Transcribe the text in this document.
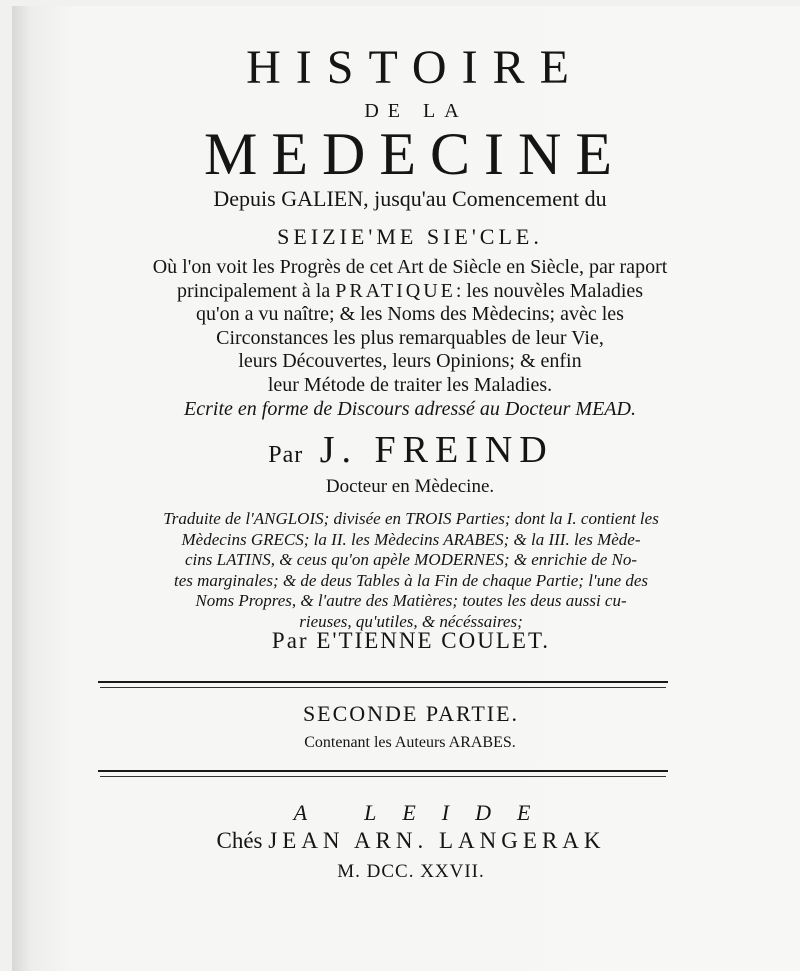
HISTOIRE

DE LA

MEDECINE

Depuis GALIEN, jusqu'au Comencement du

SEIZIE'ME SIE'CLE.

Où l'on voit les Progrès de cet Art de Siècle en Siècle, par raport
principalement à la PRATIQUE: les nouvèles Maladies
qu'on a vu naître; & les Noms des Mèdecins; avèc les
Circonstances les plus remarquables de leur Vie,
leurs Découvertes, leurs Opinions; & enfin
leur Métode de traiter les Maladies.

Ecrite en forme de Discours adressé au Docteur MEAD.

Par J. FREIND

Docteur en Mèdecine.

Traduite de l'ANGLOIS; divisée en TROIS Parties; dont la I. contient les
Mèdecins GRECS; la II. les Mèdecins ARABES; & la III. les Mède-
cins LATINS, & ceus qu'on apèle MODERNES; & enrichie de No-
tes marginales; & de deus Tables à la Fin de chaque Partie; l'une des
Noms Propres, & l'autre des Matières; toutes les deus aussi cu-
rieuses, qu'utiles, & nécéssaires;

Par E'TIENNE COULET.

SECONDE PARTIE.

Contenant les Auteurs ARABES.

A LEIDE

Chés JEAN ARN. LANGERAK

M. DCC. XXVII.
